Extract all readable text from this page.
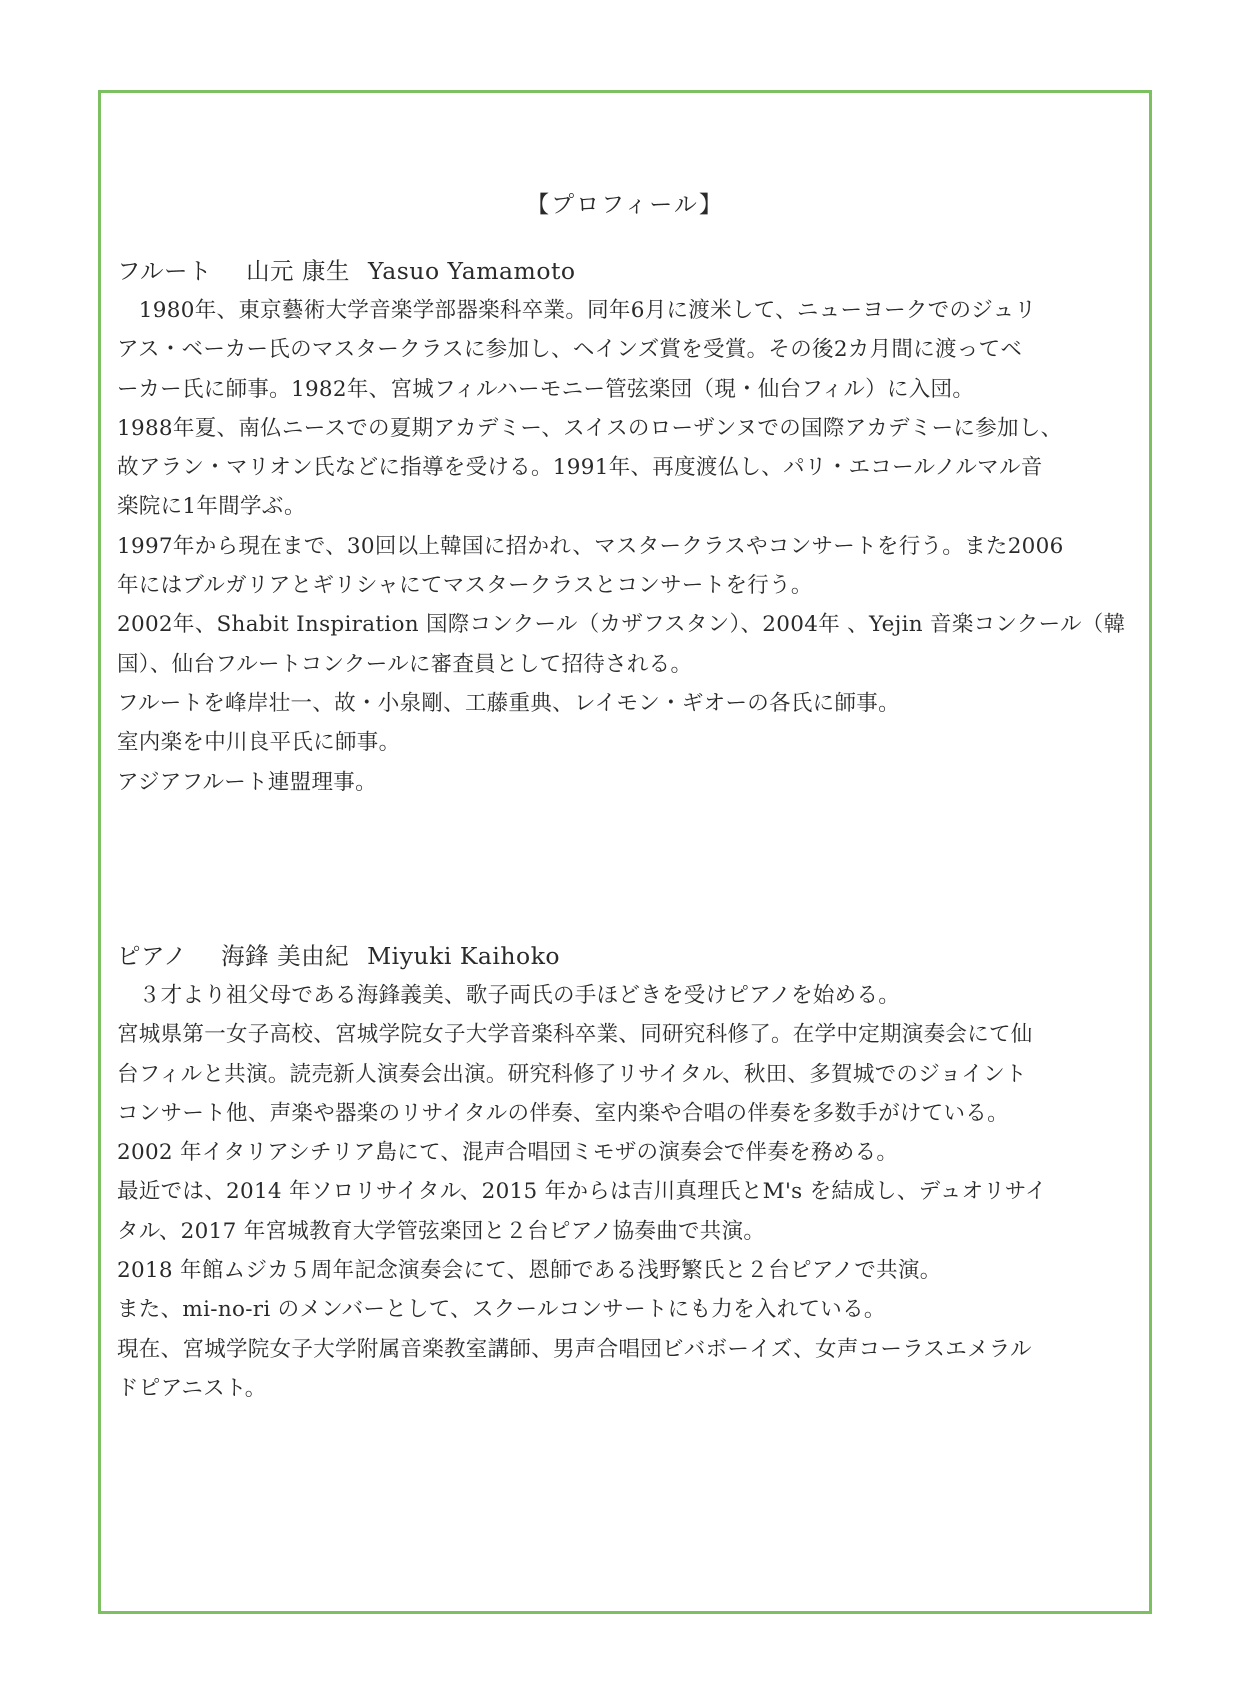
【プロフィール】
フルート 山元 康生 Yasuo Yamamoto

　1980年、東京藝術大学音楽学部器楽科卒業。同年6月に渡米して、ニューヨークでのジュリ

アス・ベーカー氏のマスタークラスに参加し、ヘインズ賞を受賞。その後2カ月間に渡ってベ

ーカー氏に師事。1982年、宮城フィルハーモニー管弦楽団（現・仙台フィル）に入団。

1988年夏、南仏ニースでの夏期アカデミー、スイスのローザンヌでの国際アカデミーに参加し、

故アラン・マリオン氏などに指導を受ける。1991年、再度渡仏し、パリ・エコールノルマル音

楽院に1年間学ぶ。

1997年から現在まで、30回以上韓国に招かれ、マスタークラスやコンサートを行う。また2006

年にはブルガリアとギリシャにてマスタークラスとコンサートを行う。

2002年、Shabit Inspiration 国際コンクール（カザフスタン）、2004年 、Yejin 音楽コンクール（韓

国）、仙台フルートコンクールに審査員として招待される。

フルートを峰岸壮一、故・小泉剛、工藤重典、レイモン・ギオーの各氏に師事。

室内楽を中川良平氏に師事。

アジアフルート連盟理事。

ピアノ 海鋒 美由紀 Miyuki Kaihoko

　３才より祖父母である海鋒義美、歌子両氏の手ほどきを受けピアノを始める。

宮城県第一女子高校、宮城学院女子大学音楽科卒業、同研究科修了。在学中定期演奏会にて仙

台フィルと共演。読売新人演奏会出演。研究科修了リサイタル、秋田、多賀城でのジョイント

コンサート他、声楽や器楽のリサイタルの伴奏、室内楽や合唱の伴奏を多数手がけている。

2002 年イタリアシチリア島にて、混声合唱団ミモザの演奏会で伴奏を務める。

最近では、2014 年ソロリサイタル、2015 年からは吉川真理氏とM's を結成し、デュオリサイ

タル、2017 年宮城教育大学管弦楽団と２台ピアノ協奏曲で共演。

2018 年館ムジカ５周年記念演奏会にて、恩師である浅野繁氏と２台ピアノで共演。

また、mi-no-ri のメンバーとして、スクールコンサートにも力を入れている。

現在、宮城学院女子大学附属音楽教室講師、男声合唱団ビバボーイズ、女声コーラスエメラル

ドピアニスト。
